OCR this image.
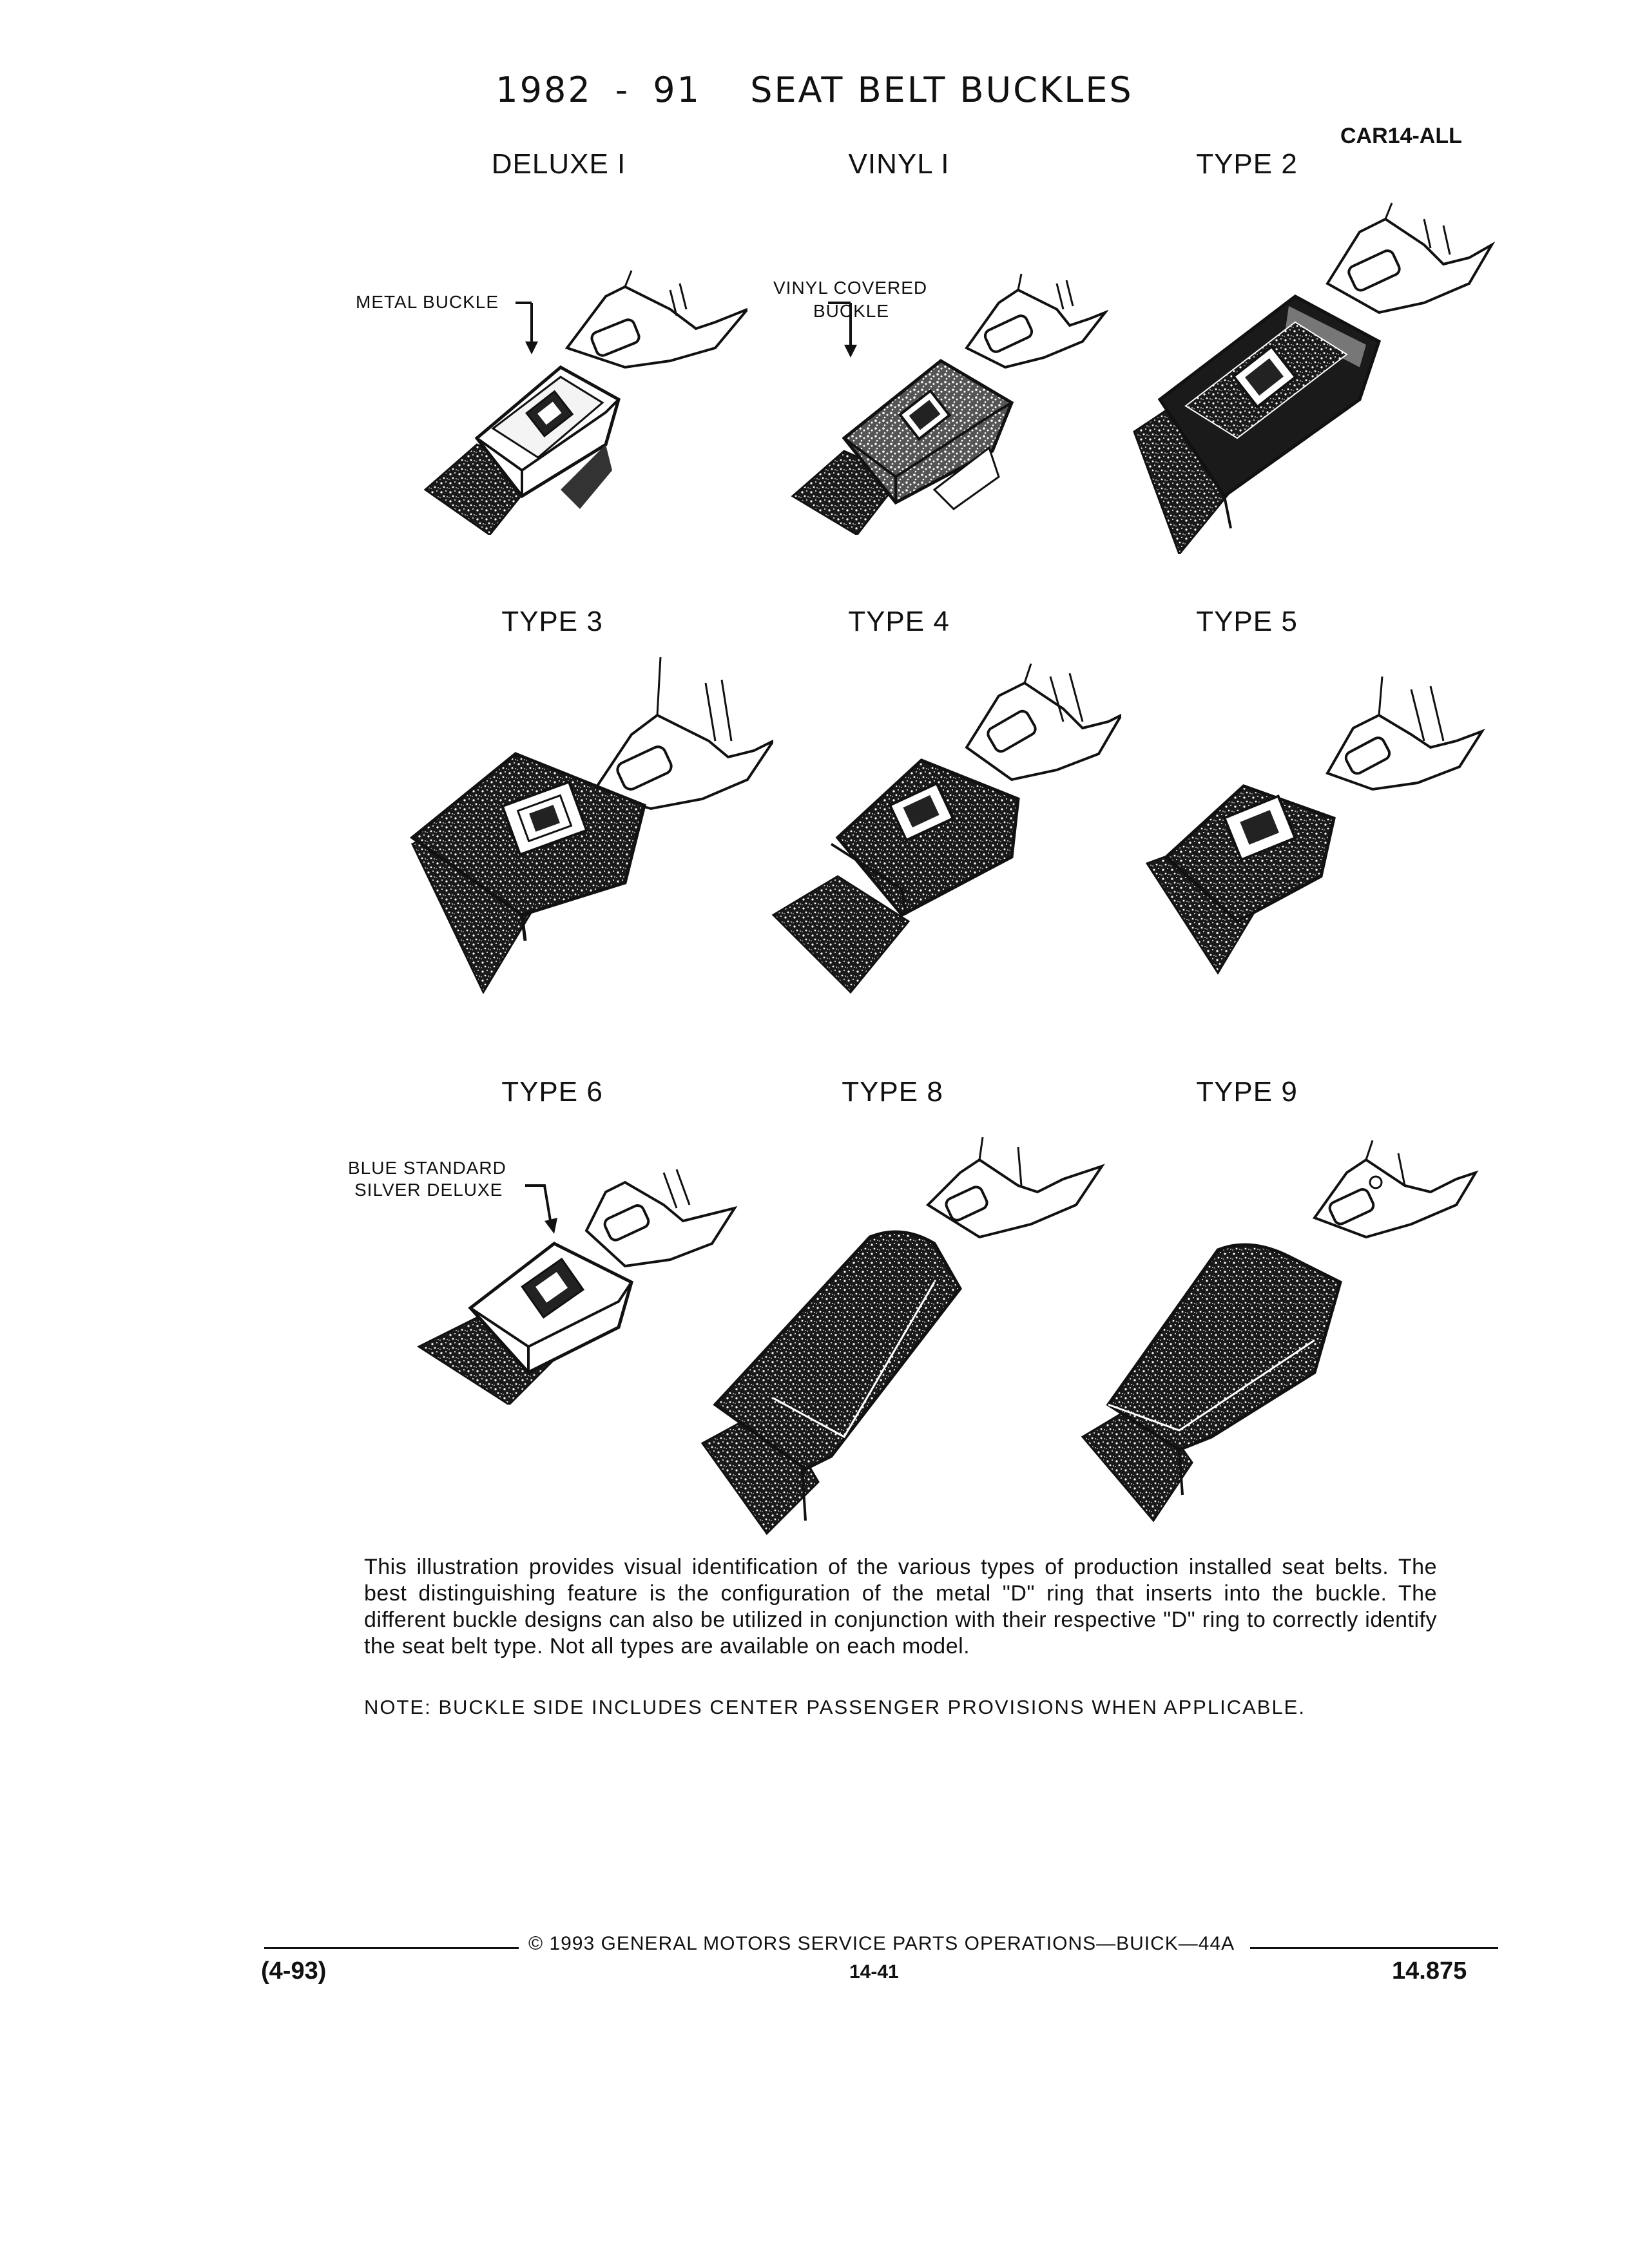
1982 - 91 SEAT BELT BUCKLES
CAR14-ALL
DELUXE I	VINYL I	TYPE 2
TYPE 3	TYPE 4	TYPE 5
TYPE 6	TYPE 8	TYPE 9
METAL BUCKLE
VINYL COVERED
BUCKLE
BLUE STANDARD
SILVER DELUXE
This illustration provides visual identification of the various types of production installed seat belts. The best distinguishing feature is the configuration of the metal "D" ring that inserts into the buckle. The different buckle designs can also be utilized in conjunction with their respective "D" ring to correctly identify the seat belt type. Not all types are available on each model.
NOTE: BUCKLE SIDE INCLUDES CENTER PASSENGER PROVISIONS WHEN APPLICABLE.
© 1993 GENERAL MOTORS SERVICE PARTS OPERATIONS—BUICK—44A
(4-93)	14-41	14.875
